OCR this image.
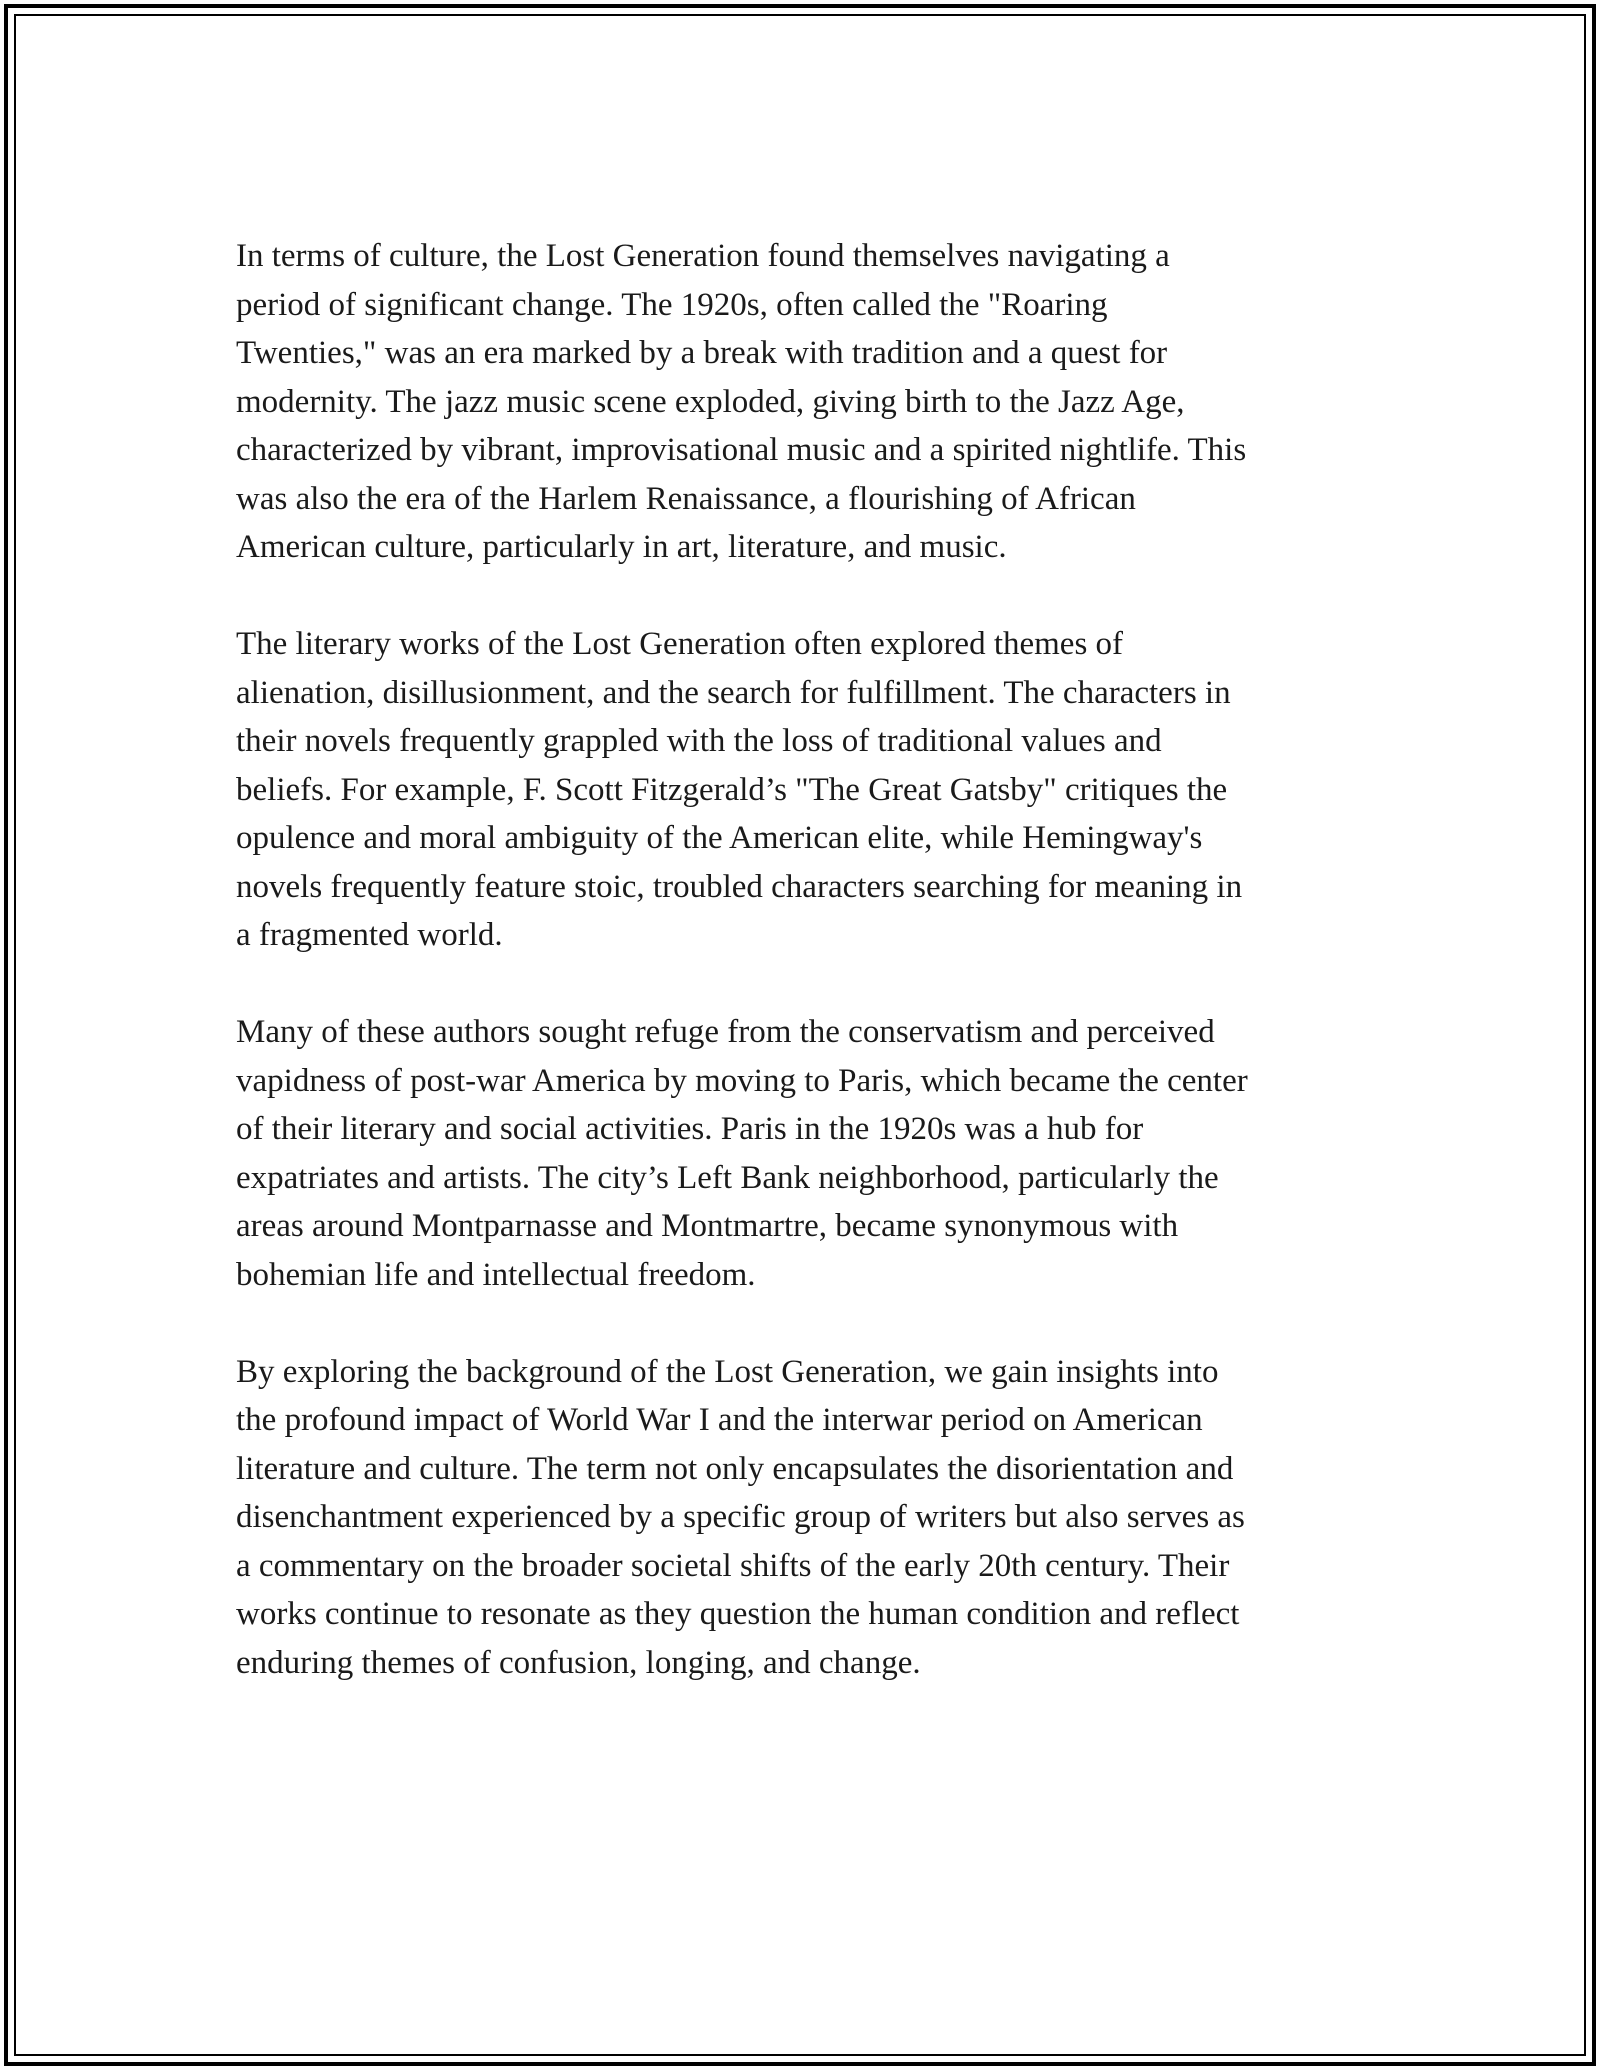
In terms of culture, the Lost Generation found themselves navigating a
period of significant change. The 1920s, often called the "Roaring
Twenties," was an era marked by a break with tradition and a quest for
modernity. The jazz music scene exploded, giving birth to the Jazz Age,
characterized by vibrant, improvisational music and a spirited nightlife. This
was also the era of the Harlem Renaissance, a flourishing of African
American culture, particularly in art, literature, and music.

The literary works of the Lost Generation often explored themes of
alienation, disillusionment, and the search for fulfillment. The characters in
their novels frequently grappled with the loss of traditional values and
beliefs. For example, F. Scott Fitzgerald’s "The Great Gatsby" critiques the
opulence and moral ambiguity of the American elite, while Hemingway's
novels frequently feature stoic, troubled characters searching for meaning in
a fragmented world.

Many of these authors sought refuge from the conservatism and perceived
vapidness of post-war America by moving to Paris, which became the center
of their literary and social activities. Paris in the 1920s was a hub for
expatriates and artists. The city’s Left Bank neighborhood, particularly the
areas around Montparnasse and Montmartre, became synonymous with
bohemian life and intellectual freedom.

By exploring the background of the Lost Generation, we gain insights into
the profound impact of World War I and the interwar period on American
literature and culture. The term not only encapsulates the disorientation and
disenchantment experienced by a specific group of writers but also serves as
a commentary on the broader societal shifts of the early 20th century. Their
works continue to resonate as they question the human condition and reflect
enduring themes of confusion, longing, and change.
